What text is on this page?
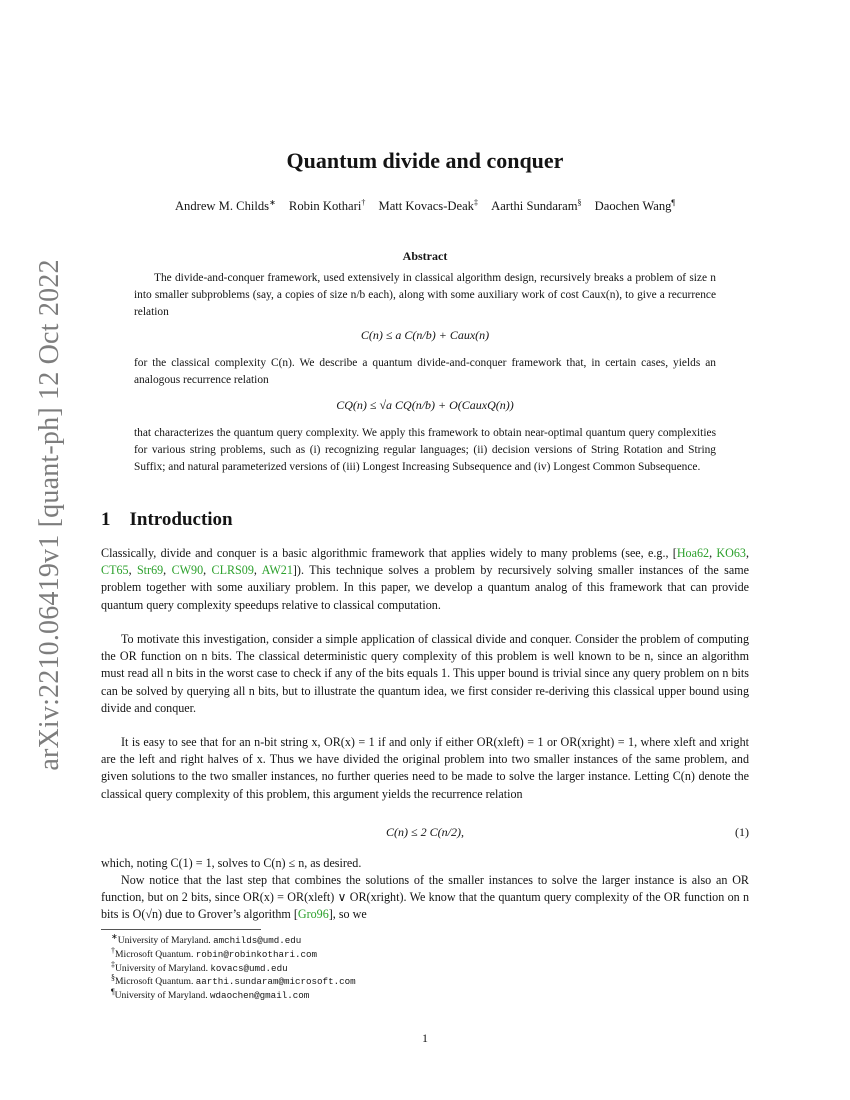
arXiv:2210.06419v1 [quant-ph] 12 Oct 2022
Quantum divide and conquer
Andrew M. Childs∗ Robin Kothari† Matt Kovacs-Deak‡ Aarthi Sundaram§ Daochen Wang¶
Abstract
The divide-and-conquer framework, used extensively in classical algorithm design, recursively breaks a problem of size n into smaller subproblems (say, a copies of size n/b each), along with some auxiliary work of cost Caux(n), to give a recurrence relation
C(n) ≤ a C(n/b) + Caux(n)
for the classical complexity C(n). We describe a quantum divide-and-conquer framework that, in certain cases, yields an analogous recurrence relation
CQ(n) ≤ √a CQ(n/b) + O(CauxQ(n))
that characterizes the quantum query complexity. We apply this framework to obtain near-optimal quantum query complexities for various string problems, such as (i) recognizing regular languages; (ii) decision versions of String Rotation and String Suffix; and natural parameterized versions of (iii) Longest Increasing Subsequence and (iv) Longest Common Subsequence.
1 Introduction
Classically, divide and conquer is a basic algorithmic framework that applies widely to many problems (see, e.g., [Hoa62, KO63, CT65, Str69, CW90, CLRS09, AW21]). This technique solves a problem by recursively solving smaller instances of the same problem together with some auxiliary problem. In this paper, we develop a quantum analog of this framework that can provide quantum query complexity speedups relative to classical computation.
To motivate this investigation, consider a simple application of classical divide and conquer. Consider the problem of computing the OR function on n bits. The classical deterministic query complexity of this problem is well known to be n, since an algorithm must read all n bits in the worst case to check if any of the bits equals 1. This upper bound is trivial since any query problem on n bits can be solved by querying all n bits, but to illustrate the quantum idea, we first consider re-deriving this classical upper bound using divide and conquer.
It is easy to see that for an n-bit string x, OR(x) = 1 if and only if either OR(xleft) = 1 or OR(xright) = 1, where xleft and xright are the left and right halves of x. Thus we have divided the original problem into two smaller instances of the same problem, and given solutions to the two smaller instances, no further queries need to be made to solve the larger instance. Letting C(n) denote the classical query complexity of this problem, this argument yields the recurrence relation
C(n) ≤ 2 C(n/2),	(1)
which, noting C(1) = 1, solves to C(n) ≤ n, as desired.
Now notice that the last step that combines the solutions of the smaller instances to solve the larger instance is also an OR function, but on 2 bits, since OR(x) = OR(xleft) ∨ OR(xright). We know that the quantum query complexity of the OR function on n bits is O(√n) due to Grover’s algorithm [Gro96], so we
∗University of Maryland. amchilds@umd.edu
†Microsoft Quantum. robin@robinkothari.com
‡University of Maryland. kovacs@umd.edu
§Microsoft Quantum. aarthi.sundaram@microsoft.com
¶University of Maryland. wdaochen@gmail.com
1
